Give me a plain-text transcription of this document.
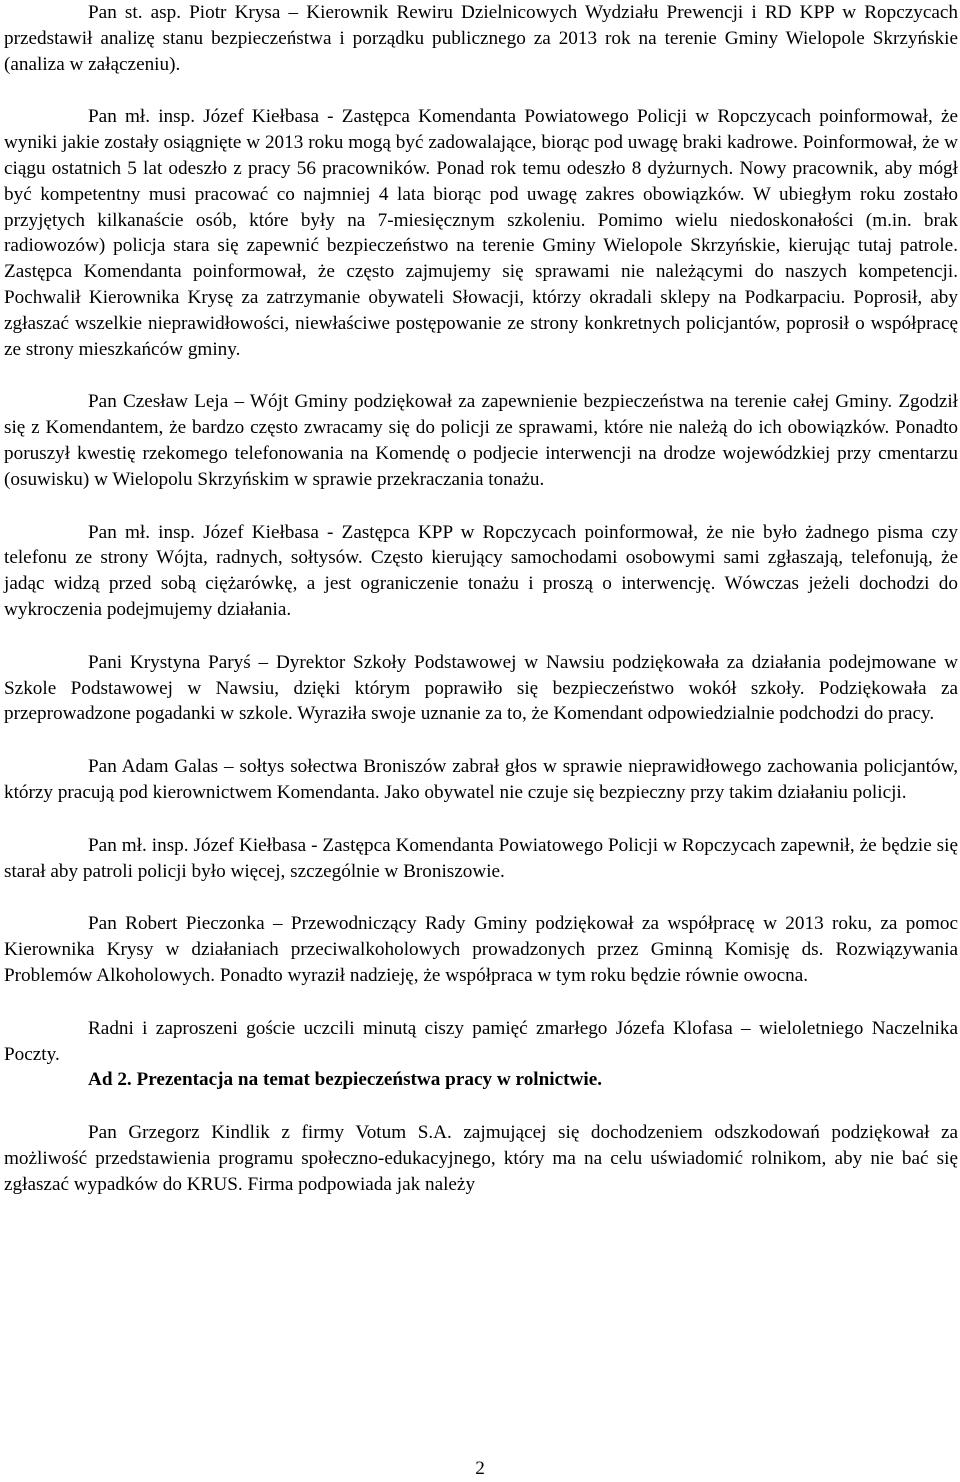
Pan st. asp. Piotr Krysa – Kierownik Rewiru Dzielnicowych Wydziału Prewencji i RD KPP w Ropczycach przedstawił analizę stanu bezpieczeństwa i porządku publicznego za 2013 rok na terenie Gminy Wielopole Skrzyńskie (analiza w załączeniu).

Pan mł. insp. Józef Kiełbasa - Zastępca Komendanta Powiatowego Policji w Ropczycach poinformował, że wyniki jakie zostały osiągnięte w 2013 roku mogą być zadowalające, biorąc pod uwagę braki kadrowe. Poinformował, że w ciągu ostatnich 5 lat odeszło z pracy 56 pracowników. Ponad rok temu odeszło 8 dyżurnych. Nowy pracownik, aby mógł być kompetentny musi pracować co najmniej 4 lata biorąc pod uwagę zakres obowiązków. W ubiegłym roku zostało przyjętych kilkanaście osób, które były na 7-miesięcznym szkoleniu. Pomimo wielu niedoskonałości (m.in. brak radiowozów) policja stara się zapewnić bezpieczeństwo na terenie Gminy Wielopole Skrzyńskie, kierując tutaj patrole. Zastępca Komendanta poinformował, że często zajmujemy się sprawami nie należącymi do naszych kompetencji. Pochwalił Kierownika Krysę za zatrzymanie obywateli Słowacji, którzy okradali sklepy na Podkarpaciu. Poprosił, aby zgłaszać wszelkie nieprawidłowości, niewłaściwe postępowanie ze strony konkretnych policjantów, poprosił o współpracę ze strony mieszkańców gminy.

Pan Czesław Leja – Wójt Gminy podziękował za zapewnienie bezpieczeństwa na terenie całej Gminy. Zgodził się z Komendantem, że bardzo często zwracamy się do policji ze sprawami, które nie należą do ich obowiązków. Ponadto poruszył kwestię rzekomego telefonowania na Komendę o podjecie interwencji na drodze wojewódzkiej przy cmentarzu (osuwisku) w Wielopolu Skrzyńskim w sprawie przekraczania tonażu.

Pan mł. insp. Józef Kiełbasa - Zastępca KPP w Ropczycach poinformował, że nie było żadnego pisma czy telefonu ze strony Wójta, radnych, sołtysów. Często kierujący samochodami osobowymi sami zgłaszają, telefonują, że jadąc widzą przed sobą ciężarówkę, a jest ograniczenie tonażu i proszą o interwencję. Wówczas jeżeli dochodzi do wykroczenia podejmujemy działania.

Pani Krystyna Paryś – Dyrektor Szkoły Podstawowej w Nawsiu podziękowała za działania podejmowane w Szkole Podstawowej w Nawsiu, dzięki którym poprawiło się bezpieczeństwo wokół szkoły. Podziękowała za przeprowadzone pogadanki w szkole. Wyraziła swoje uznanie za to, że Komendant odpowiedzialnie podchodzi do pracy.

Pan Adam Galas – sołtys sołectwa Broniszów zabrał głos w sprawie nieprawidłowego zachowania policjantów, którzy pracują pod kierownictwem Komendanta. Jako obywatel nie czuje się bezpieczny przy takim działaniu policji.

Pan mł. insp. Józef Kiełbasa - Zastępca Komendanta Powiatowego Policji w Ropczycach zapewnił, że będzie się starał aby patroli policji było więcej, szczególnie w Broniszowie.

Pan Robert Pieczonka – Przewodniczący Rady Gminy podziękował za współpracę w 2013 roku, za pomoc Kierownika Krysy w działaniach przeciwalkoholowych prowadzonych przez Gminną Komisję ds. Rozwiązywania Problemów Alkoholowych. Ponadto wyraził nadzieję, że współpraca w tym roku będzie równie owocna.

Radni i zaproszeni goście uczcili minutą ciszy pamięć zmarłego Józefa Klofasa – wieloletniego Naczelnika Poczty.

Ad 2. Prezentacja na temat bezpieczeństwa pracy w rolnictwie.

Pan Grzegorz Kindlik z firmy Votum S.A. zajmującej się dochodzeniem odszkodowań podziękował za możliwość przedstawienia programu społeczno-edukacyjnego, który ma na celu uświadomić rolnikom, aby nie bać się zgłaszać wypadków do KRUS. Firma podpowiada jak należy

2
